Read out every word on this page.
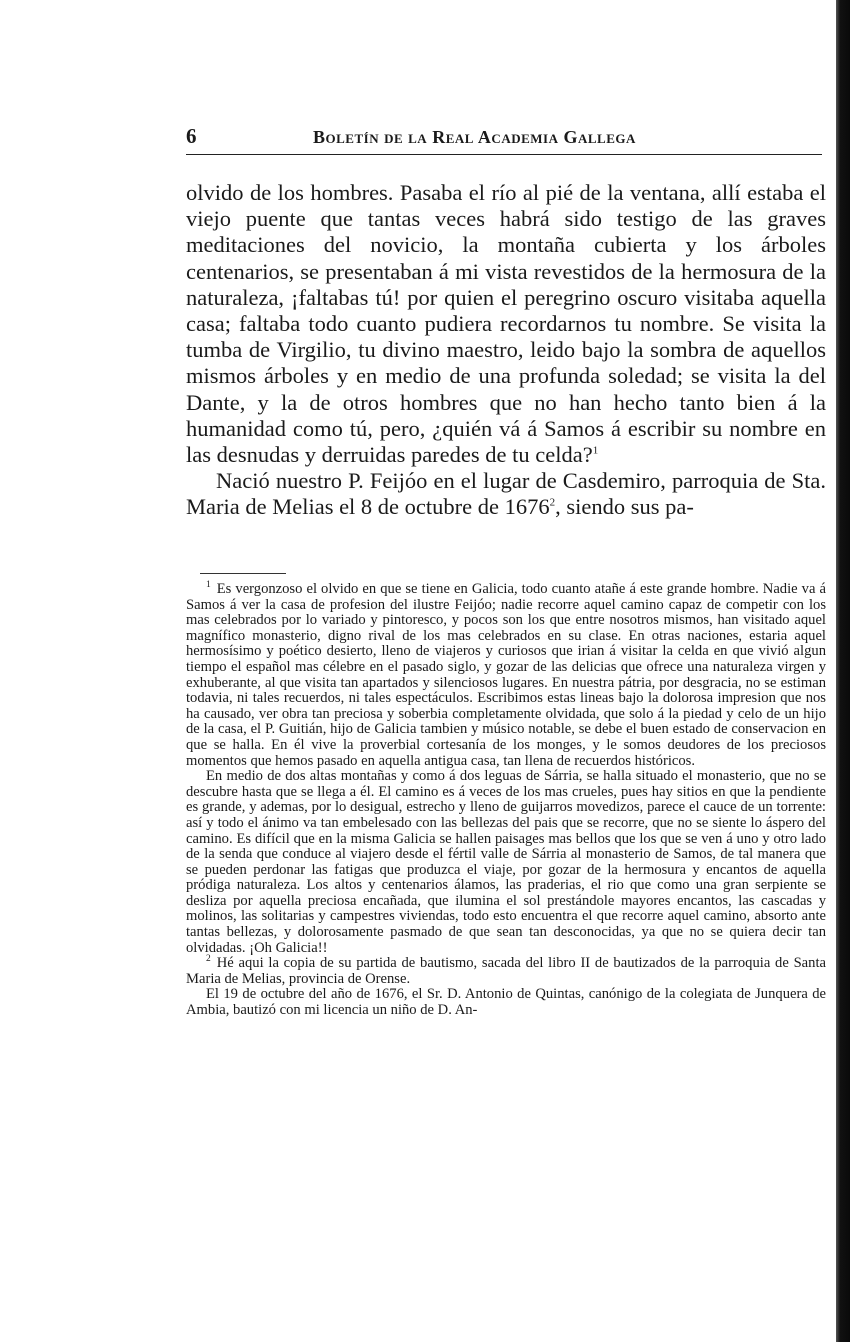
6	Boletín de la Real Academia Gallega

olvido de los hombres. Pasaba el río al pié de la ventana, allí estaba el viejo puente que tantas veces habrá sido testigo de las graves meditaciones del novicio, la montaña cubierta y los árboles centenarios, se presentaban á mi vista revestidos de la hermosura de la naturaleza, ¡faltabas tú! por quien el peregrino oscuro visitaba aquella casa; faltaba todo cuanto pudiera recordarnos tu nombre. Se visita la tumba de Virgilio, tu divino maestro, leido bajo la sombra de aquellos mismos árboles y en medio de una profunda soledad; se visita la del Dante, y la de otros hombres que no han hecho tanto bien á la humanidad como tú, pero, ¿quién vá á Samos á escribir su nombre en las desnudas y derruidas paredes de tu celda?$^1$

Nació nuestro P. Feijóo en el lugar de Casdemiro, parroquia de Sta. Maria de Melias el 8 de octubre de 1676$^2$, siendo sus pa-

$^1$ Es vergonzoso el olvido en que se tiene en Galicia, todo cuanto atañe á este grande hombre. Nadie va á Samos á ver la casa de profesion del ilustre Feijóo; nadie recorre aquel camino capaz de competir con los mas celebrados por lo variado y pintoresco, y pocos son los que entre nosotros mismos, han visitado aquel magnífico monasterio, digno rival de los mas celebrados en su clase. En otras naciones, estaria aquel hermosísimo y poético desierto, lleno de viajeros y curiosos que irian á visitar la celda en que vivió algun tiempo el español mas célebre en el pasado siglo, y gozar de las delicias que ofrece una naturaleza virgen y exhuberante, al que visita tan apartados y silenciosos lugares. En nuestra pátria, por desgracia, no se estiman todavia, ni tales recuerdos, ni tales espectáculos. Escribimos estas lineas bajo la dolorosa impresion que nos ha causado, ver obra tan preciosa y soberbia completamente olvidada, que solo á la piedad y celo de un hijo de la casa, el P. Guitián, hijo de Galicia tambien y músico notable, se debe el buen estado de conservacion en que se halla. En él vive la proverbial cortesanía de los monges, y le somos deudores de los preciosos momentos que hemos pasado en aquella antigua casa, tan llena de recuerdos históricos.

En medio de dos altas montañas y como á dos leguas de Sárria, se halla situado el monasterio, que no se descubre hasta que se llega a él. El camino es á veces de los mas crueles, pues hay sitios en que la pendiente es grande, y ademas, por lo desigual, estrecho y lleno de guijarros movedizos, parece el cauce de un torrente: así y todo el ánimo va tan embelesado con las bellezas del pais que se recorre, que no se siente lo áspero del camino. Es difícil que en la misma Galicia se hallen paisages mas bellos que los que se ven á uno y otro lado de la senda que conduce al viajero desde el fértil valle de Sárria al monasterio de Samos, de tal manera que se pueden perdonar las fatigas que produzca el viaje, por gozar de la hermosura y encantos de aquella pródiga naturaleza. Los altos y centenarios álamos, las praderias, el rio que como una gran serpiente se desliza por aquella preciosa encañada, que ilumina el sol prestándole mayores encantos, las cascadas y molinos, las solitarias y campestres viviendas, todo esto encuentra el que recorre aquel camino, absorto ante tantas bellezas, y dolorosamente pasmado de que sean tan desconocidas, ya que no se quiera decir tan olvidadas. ¡Oh Galicia!!

$^2$ Hé aqui la copia de su partida de bautismo, sacada del libro II de bautizados de la parroquia de Santa Maria de Melias, provincia de Orense.

El 19 de octubre del año de 1676, el Sr. D. Antonio de Quintas, canónigo de la colegiata de Junquera de Ambia, bautizó con mi licencia un niño de D. An-
